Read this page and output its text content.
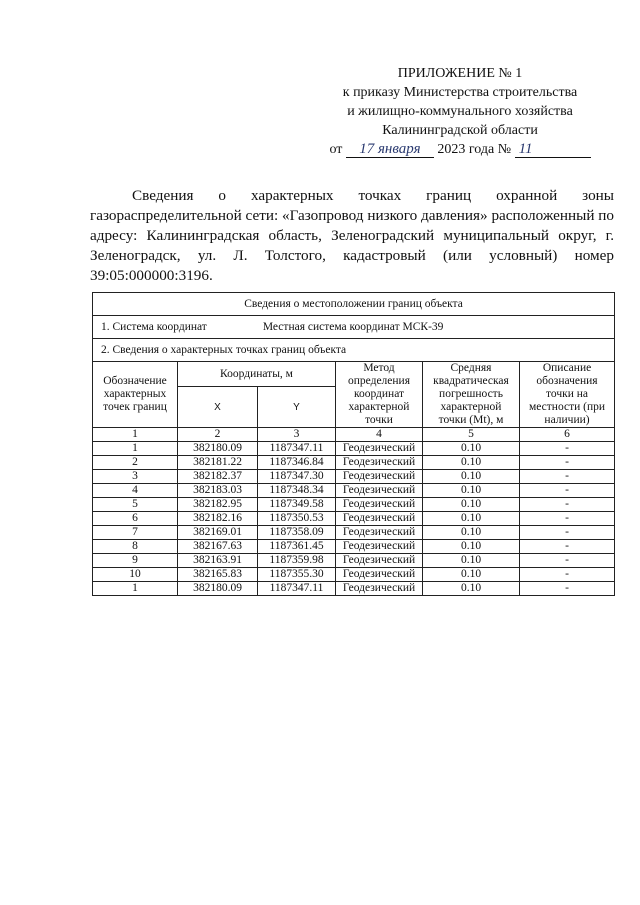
ПРИЛОЖЕНИЕ № 1
к приказу Министерства строительства
и жилищно-коммунального хозяйства
Калининградской области
от 17 января 2023 года № 11
Сведения о характерных точках границ охранной зоны газораспределительной сети: «Газопровод низкого давления» расположенный по адресу: Калининградская область, Зеленоградский муниципальный округ, г. Зеленоградск, ул. Л. Толстого, кадастровый (или условный) номер 39:05:000000:3196.
Сведения о местоположении границ объекта					
1. Система координат Местная система координат МСК-39					
2. Сведения о характерных точках границ объекта					
Обозначение характерных точек границ	Координаты, м		Метод определения координат характерной точки	Средняя квадратическая погрешность характерной точки (Mt), м	Описание обозначения точки на местности (при наличии)
	X	Y			
1	2	3	4	5	6
1	382180.09	1187347.11	Геодезический	0.10	-
2	382181.22	1187346.84	Геодезический	0.10	-
3	382182.37	1187347.30	Геодезический	0.10	-
4	382183.03	1187348.34	Геодезический	0.10	-
5	382182.95	1187349.58	Геодезический	0.10	-
6	382182.16	1187350.53	Геодезический	0.10	-
7	382169.01	1187358.09	Геодезический	0.10	-
8	382167.63	1187361.45	Геодезический	0.10	-
9	382163.91	1187359.98	Геодезический	0.10	-
10	382165.83	1187355.30	Геодезический	0.10	-
1	382180.09	1187347.11	Геодезический	0.10	-
